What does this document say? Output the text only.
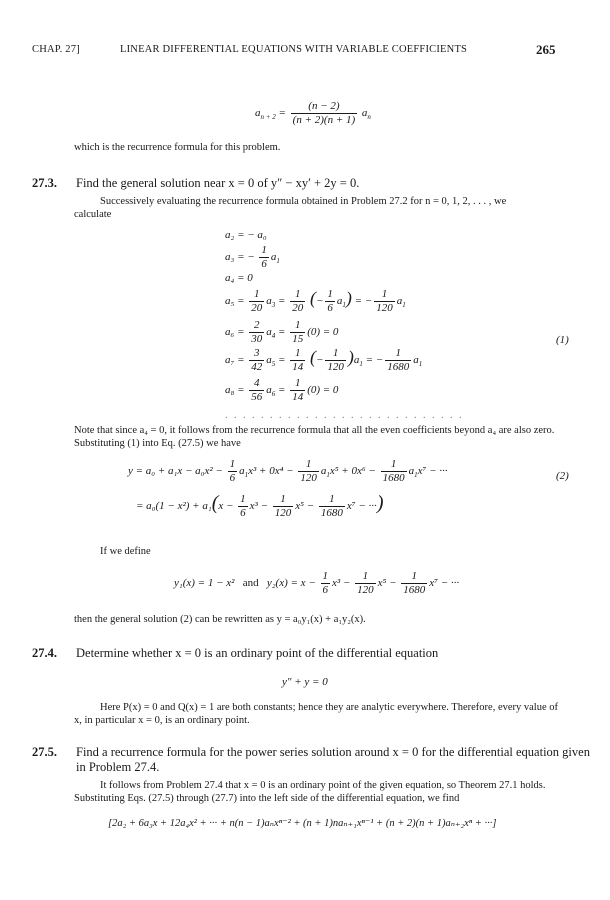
CHAP. 27]	LINEAR DIFFERENTIAL EQUATIONS WITH VARIABLE COEFFICIENTS	265
$a_{n + 2} = \frac{(n - 2)}{(n + 2)(n + 1)} a_n$
which is the recurrence formula for this problem.
27.3. Find the general solution near x = 0 of y″ − xy′ + 2y = 0.
Successively evaluating the recurrence formula obtained in Problem 27.2 for n = 0, 1, 2, . . . , we
calculate
a₂ = − a₀
a₃ = − $\frac{1}{6} a_1$
a₄ = 0
$a_5 = \frac{1}{20} a_3 = \frac{1}{20}$ (− $\frac{1}{6} a_1$) = − $\frac{1}{120} a_1$
$a_6 = \frac{2}{30} a_4 = \frac{1}{15} (0) = 0$
(1)
$a_7 = \frac{3}{42} a_5 = \frac{1}{14}$ (− $\frac{1}{120} )a_1$ = − $\frac{1}{1680} a_1$
$a_8 = \frac{4}{56} a_6 = \frac{1}{14} (0) = 0$
. . . . . . . . . . . . . . . . . . . . . . . . . . .
Note that since a₄ = 0, it follows from the recurrence formula that all the even coefficients beyond a₄ are also zero.
Substituting (1) into Eq. (27.5) we have
$y = a_0 + a_1x - a_0x^2 - \frac{1}{6} a_1x^3 + 0x^4 - \frac{1}{120} a_1x^5 + 0x^6 - \frac{1}{1680} a_1x^7$ − ···	(2)
= $a_0(1 - x^2) + a_1(x - \frac{1}{6} x^3 - \frac{1}{120} x^5 - \frac{1}{1680} x^7$ − ···)
If we define
y₁(x) = 1 − x² and $y_2(x) = x - \frac{1}{6} x^3 - \frac{1}{120} x^5 - \frac{1}{1680} x^7$ − ···
then the general solution (2) can be rewritten as y = a₀y₁(x) + a₁y₂(x).
27.4. Determine whether x = 0 is an ordinary point of the differential equation
y″ + y = 0
Here P(x) = 0 and Q(x) = 1 are both constants; hence they are analytic everywhere. Therefore, every value of
x, in particular x = 0, is an ordinary point.
27.5. Find a recurrence formula for the power series solution around x = 0 for the differential equation given
in Problem 27.4.
It follows from Problem 27.4 that x = 0 is an ordinary point of the given equation, so Theorem 27.1 holds.
Substituting Eqs. (27.5) through (27.7) into the left side of the differential equation, we find
[2a₂ + 6a₃x + 12a₄x² + ··· + n(n − 1)aₙxⁿ⁻² + (n + 1)naₙ₊₁xⁿ⁻¹ + (n + 2)(n + 1)aₙ₊₂xⁿ + ···]
